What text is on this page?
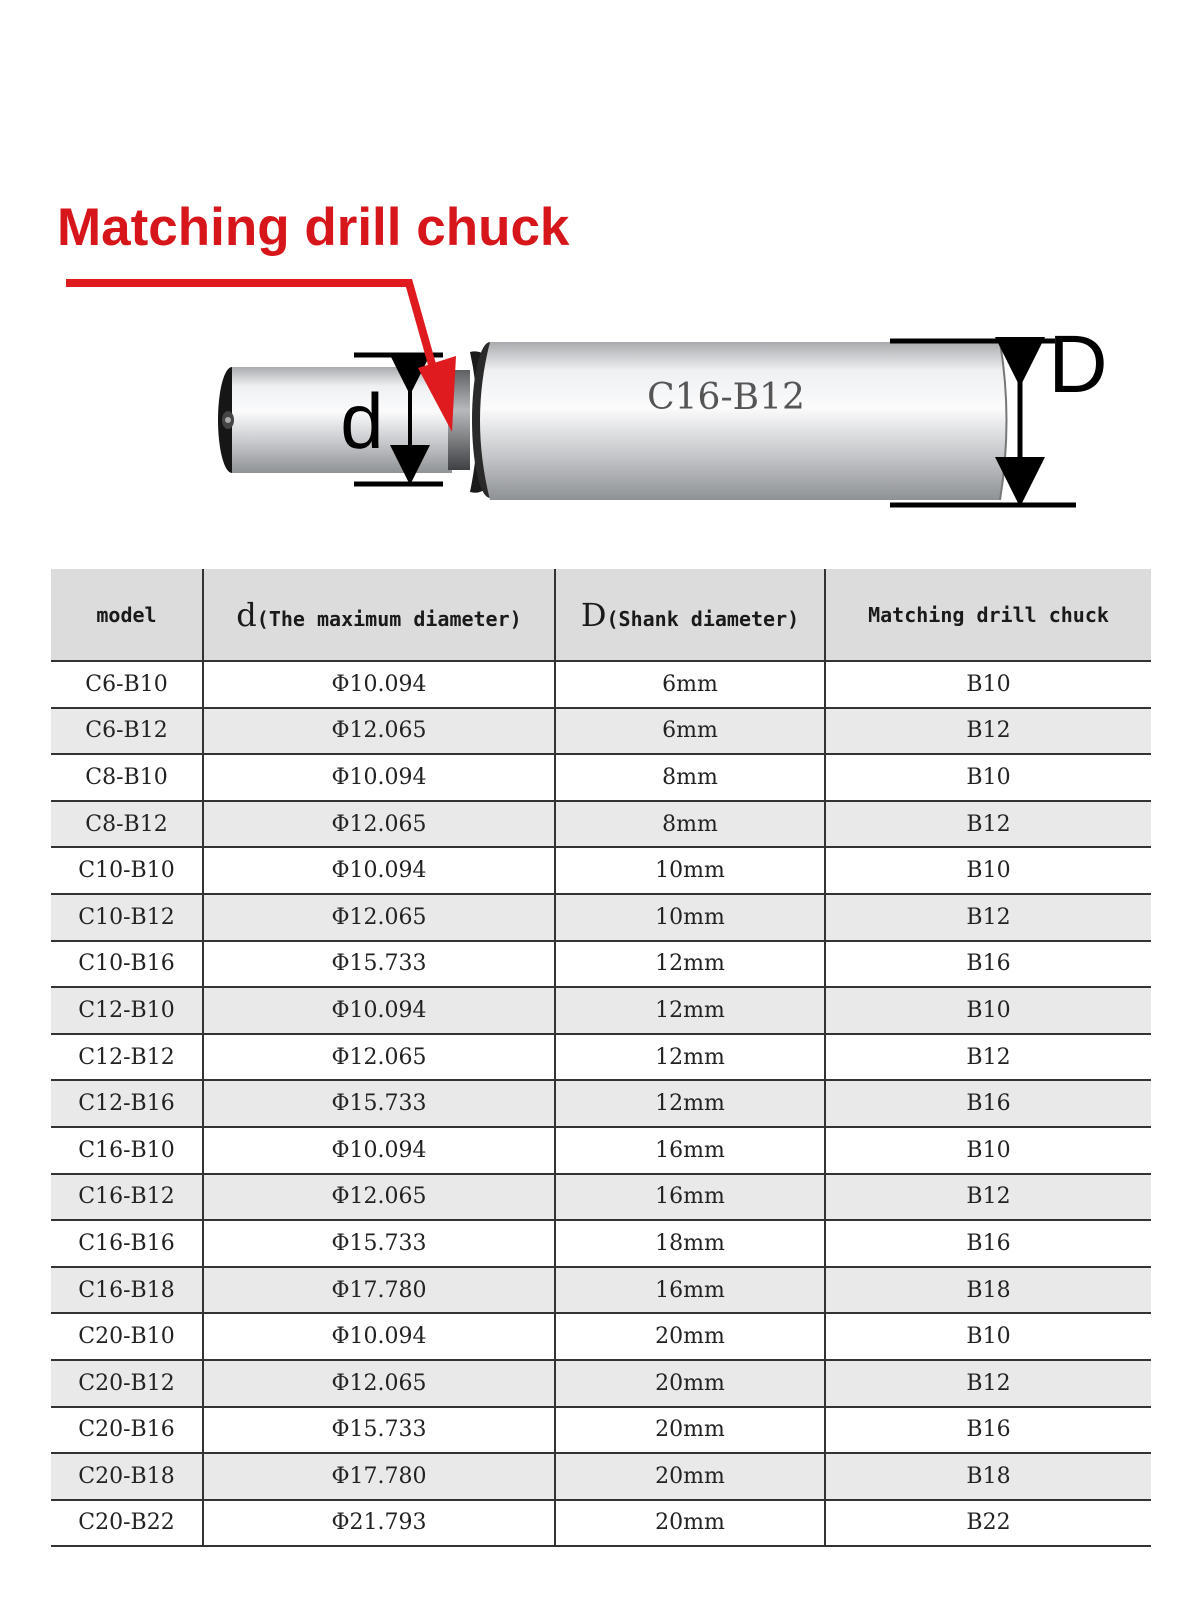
Matching drill chuck
C16-B12
d
D
model	d(The maximum diameter)	D(Shank diameter)	Matching drill chuck
C6-B10	Φ10.094	6mm	B10
C6-B12	Φ12.065	6mm	B12
C8-B10	Φ10.094	8mm	B10
C8-B12	Φ12.065	8mm	B12
C10-B10	Φ10.094	10mm	B10
C10-B12	Φ12.065	10mm	B12
C10-B16	Φ15.733	12mm	B16
C12-B10	Φ10.094	12mm	B10
C12-B12	Φ12.065	12mm	B12
C12-B16	Φ15.733	12mm	B16
C16-B10	Φ10.094	16mm	B10
C16-B12	Φ12.065	16mm	B12
C16-B16	Φ15.733	18mm	B16
C16-B18	Φ17.780	16mm	B18
C20-B10	Φ10.094	20mm	B10
C20-B12	Φ12.065	20mm	B12
C20-B16	Φ15.733	20mm	B16
C20-B18	Φ17.780	20mm	B18
C20-B22	Φ21.793	20mm	B22
